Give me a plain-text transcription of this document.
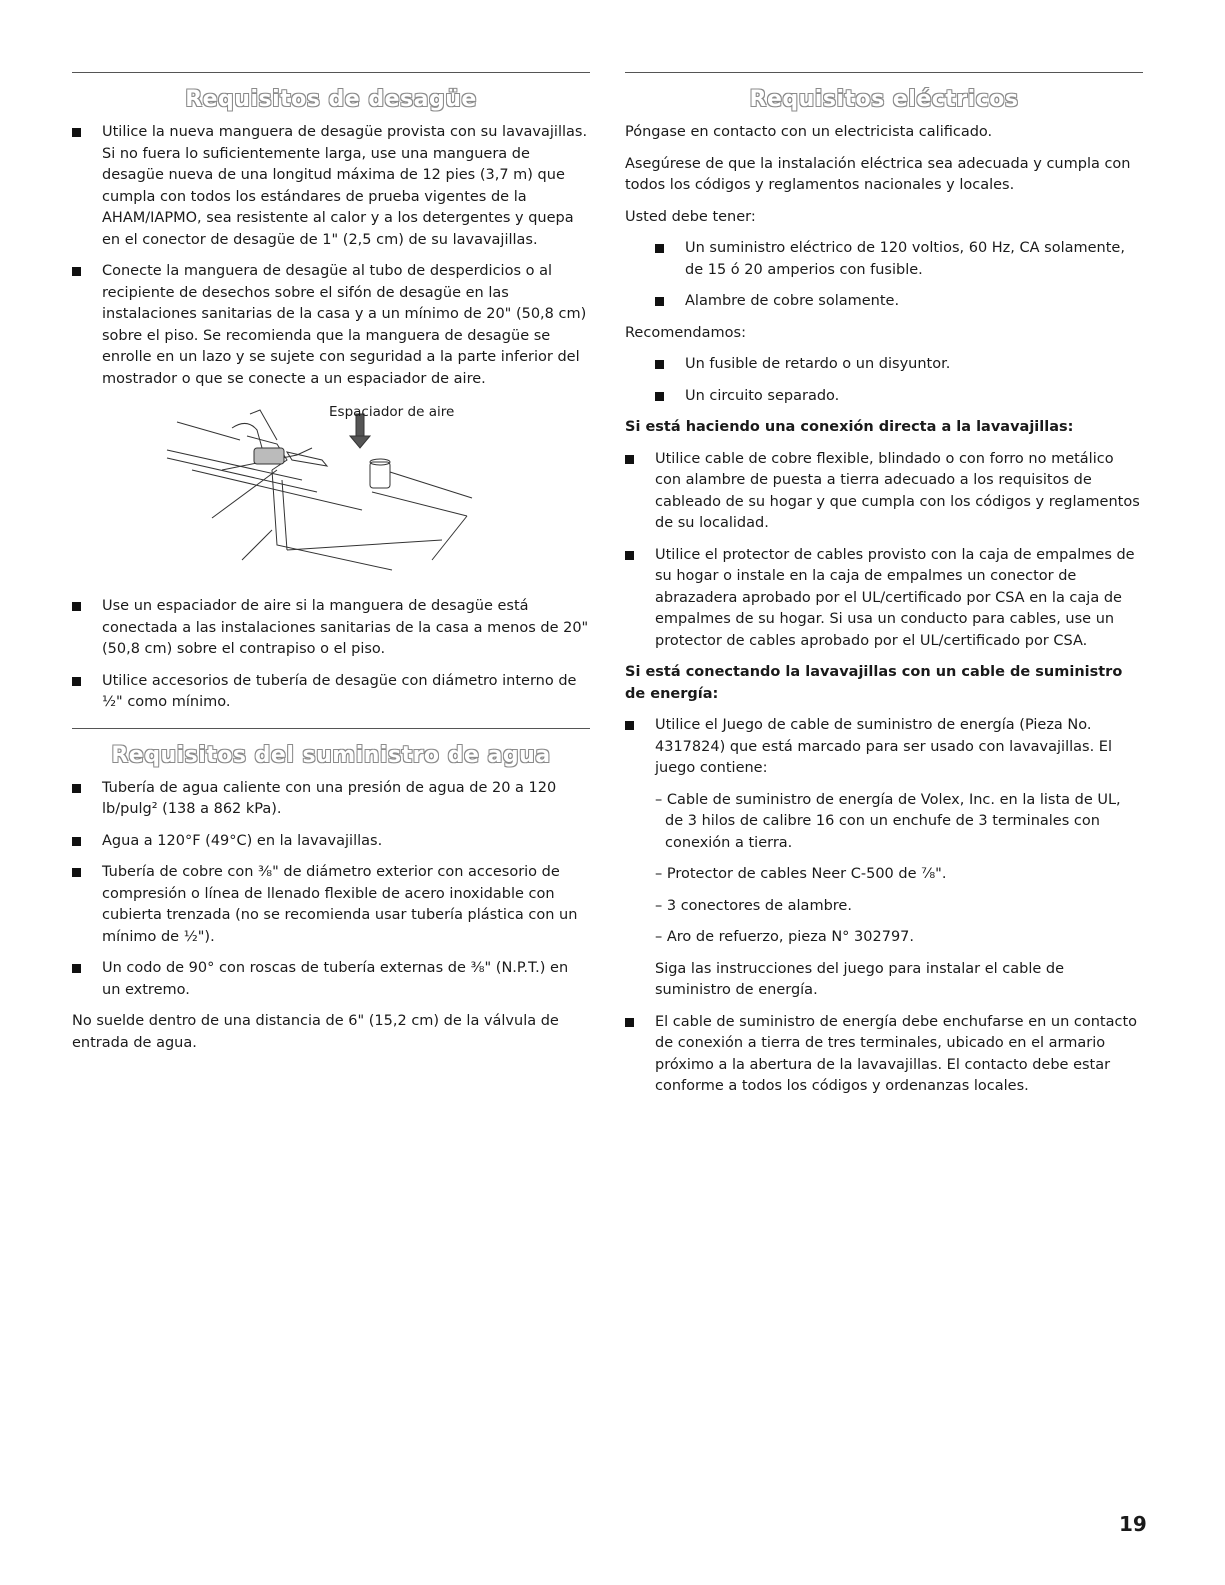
Requisitos de desagüe
Utilice la nueva manguera de desagüe provista con su lavavajillas. Si no fuera lo suficientemente larga, use una manguera de desagüe nueva de una longitud máxima de 12 pies (3,7 m) que cumpla con todos los estándares de prueba vigentes de la AHAM/IAPMO, sea resistente al calor y a los detergentes y quepa en el conector de desagüe de 1" (2,5 cm) de su lavavajillas.
Conecte la manguera de desagüe al tubo de desperdicios o al recipiente de desechos sobre el sifón de desagüe en las instalaciones sanitarias de la casa y a un mínimo de 20" (50,8 cm) sobre el piso. Se recomienda que la manguera de desagüe se enrolle en un lazo y se sujete con seguridad a la parte inferior del mostrador o que se conecte a un espaciador de aire.
Espaciador de aire
Use un espaciador de aire si la manguera de desagüe está conectada a las instalaciones sanitarias de la casa a menos de 20" (50,8 cm) sobre el contrapiso o el piso.
Utilice accesorios de tubería de desagüe con diámetro interno de ½" como mínimo.
Requisitos del suministro de agua
Tubería de agua caliente con una presión de agua de 20 a 120 lb/pulg² (138 a 862 kPa).
Agua a 120°F (49°C) en la lavavajillas.
Tubería de cobre con ⅜" de diámetro exterior con accesorio de compresión o línea de llenado flexible de acero inoxidable con cubierta trenzada (no se recomienda usar tubería plástica con un mínimo de ½").
Un codo de 90° con roscas de tubería externas de ⅜" (N.P.T.) en un extremo.

No suelde dentro de una distancia de 6" (15,2 cm) de la válvula de entrada de agua.

Requisitos eléctricos

Póngase en contacto con un electricista calificado.

Asegúrese de que la instalación eléctrica sea adecuada y cumpla con todos los códigos y reglamentos nacionales y locales.

Usted debe tener:

Un suministro eléctrico de 120 voltios, 60 Hz, CA solamente, de 15 ó 20 amperios con fusible.
Alambre de cobre solamente.

Recomendamos:

Un fusible de retardo o un disyuntor.
Un circuito separado.
Si está haciendo una conexión directa a la lavavajillas:
Utilice cable de cobre flexible, blindado o con forro no metálico con alambre de puesta a tierra adecuado a los requisitos de cableado de su hogar y que cumpla con los códigos y reglamentos de su localidad.
Utilice el protector de cables provisto con la caja de empalmes de su hogar o instale en la caja de empalmes un conector de abrazadera aprobado por el UL/certificado por CSA en la caja de empalmes de su hogar. Si usa un conducto para cables, use un protector de cables aprobado por el UL/certificado por CSA.
Si está conectando la lavavajillas con un cable de suministro de energía:
Utilice el Juego de cable de suministro de energía (Pieza No. 4317824) que está marcado para ser usado con lavavajillas. El juego contiene:
– Cable de suministro de energía de Volex, Inc. en la lista de UL, de 3 hilos de calibre 16 con un enchufe de 3 terminales con conexión a tierra.
– Protector de cables Neer C-500 de ⅞".
– 3 conectores de alambre.
– Aro de refuerzo, pieza N° 302797.
Siga las instrucciones del juego para instalar el cable de suministro de energía.
El cable de suministro de energía debe enchufarse en un contacto de conexión a tierra de tres terminales, ubicado en el armario próximo a la abertura de la lavavajillas. El contacto debe estar conforme a todos los códigos y ordenanzas locales.
19
